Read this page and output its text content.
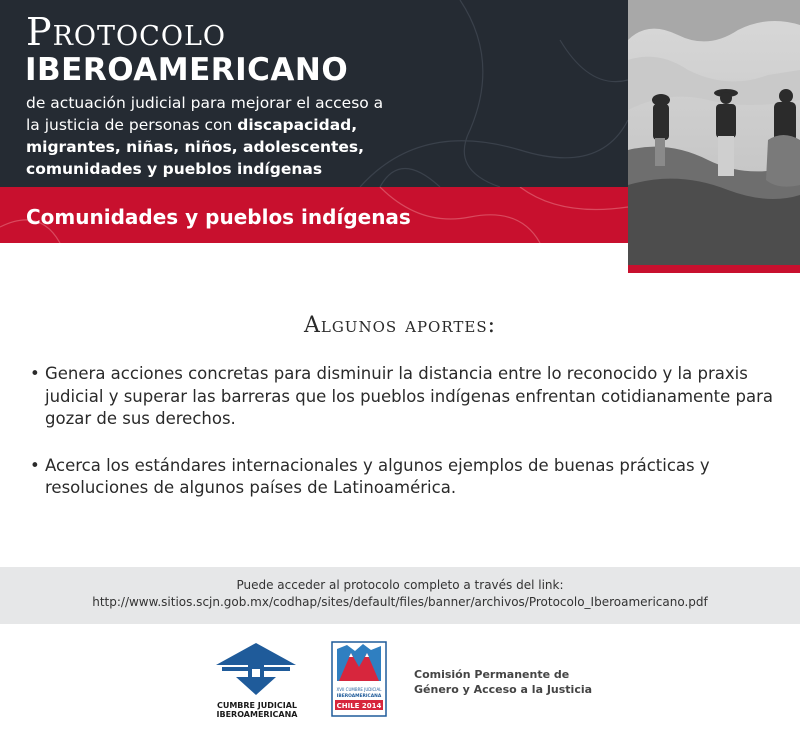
Protocolo
IBEROAMERICANO
de actuación judicial para mejorar el acceso a la justicia de personas con discapacidad, migrantes, niñas, niños, adolescentes, comunidades y pueblos indígenas
Comunidades y pueblos indígenas
Algunos aportes:
• Genera acciones concretas para disminuir la distancia entre lo reconocido y la praxis judicial y superar las barreras que los pueblos indígenas enfrentan cotidianamente para gozar de sus derechos.
• Acerca los estándares internacionales y algunos ejemplos de buenas prácticas y resoluciones de algunos países de Latinoamérica.
Puede acceder al protocolo completo a través del link:
http://www.sitios.scjn.gob.mx/codhap/sites/default/files/banner/archivos/Protocolo_Iberoamericano.pdf
CUMBRE JUDICIAL
IBEROAMERICANA
XVII CUMBRE JUDICIAL
IBEROAMERICANA
CHILE 2014
Comisión Permanente de
Género y Acceso a la Justicia
